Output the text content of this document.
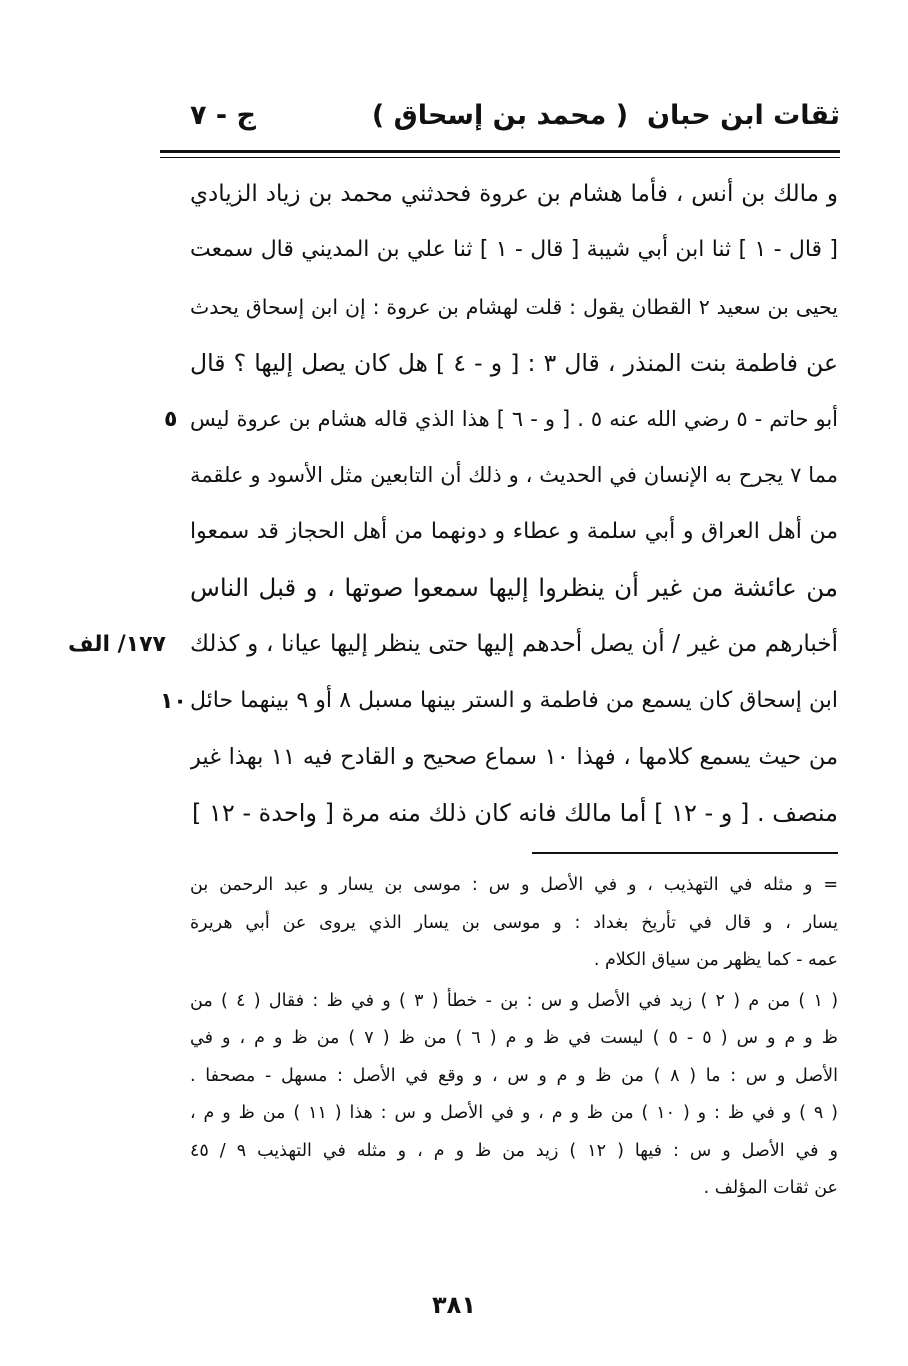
ثقات ابن حبان
( محمد بن إسحاق )
ج - ٧
و مالك بن أنس ، فأما هشام بن عروة فحدثني محمد بن زياد الزيادي
[ قال - ١ ] ثنا ابن أبي شيبة [ قال - ١ ] ثنا علي بن المديني قال سمعت
يحيى بن سعيد ٢ القطان يقول : قلت لهشام بن عروة : إن ابن إسحاق يحدث
عن فاطمة بنت المنذر ، قال ٣ : [ و - ٤ ] هل كان يصل إليها ؟ قال
أبو حاتم - ٥ رضي الله عنه ٥ . [ و - ٦ ] هذا الذي قاله هشام بن عروة ليس
مما ٧ يجرح به الإنسان في الحديث ، و ذلك أن التابعين مثل الأسود و علقمة
من أهل العراق و أبي سلمة و عطاء و دونهما من أهل الحجاز قد سمعوا
من عائشة من غير أن ينظروا إليها سمعوا صوتها ، و قبل الناس
أخبارهم من غير / أن يصل أحدهم إليها حتى ينظر إليها عيانا ، و كذلك
ابن إسحاق كان يسمع من فاطمة و الستر بينها مسبل ٨ أو ٩ بينهما حائل
من حيث يسمع كلامها ، فهذا ١٠ سماع صحيح و القادح فيه ١١ بهذا غير
منصف . [ و - ١٢ ] أما مالك فانه كان ذلك منه مرة [ واحدة - ١٢ ]
٥
١٠
١٧٧/ الف
= و مثله في التهذيب ، و في الأصل و س : موسى بن يسار و عبد الرحمن بن
يسار ، و قال في تأريخ بغداد : و موسى بن يسار الذي يروى عن أبي هريرة
عمه - كما يظهر من سياق الكلام .
( ١ ) من م ( ٢ ) زيد في الأصل و س : بن - خطأ ( ٣ ) و في ظ : فقال ( ٤ ) من
ظ و م و س ( ٥ - ٥ ) ليست في ظ و م ( ٦ ) من ظ ( ٧ ) من ظ و م ، و في
الأصل و س : ما ( ٨ ) من ظ و م و س ، و وقع في الأصل : مسهل - مصحفا .
( ٩ ) و في ظ : و ( ١٠ ) من ظ و م ، و في الأصل و س : هذا ( ١١ ) من ظ و م ،
و في الأصل و س : فيها ( ١٢ ) زيد من ظ و م ، و مثله في التهذيب ٩ / ٤٥
عن ثقات المؤلف .
٣٨١
